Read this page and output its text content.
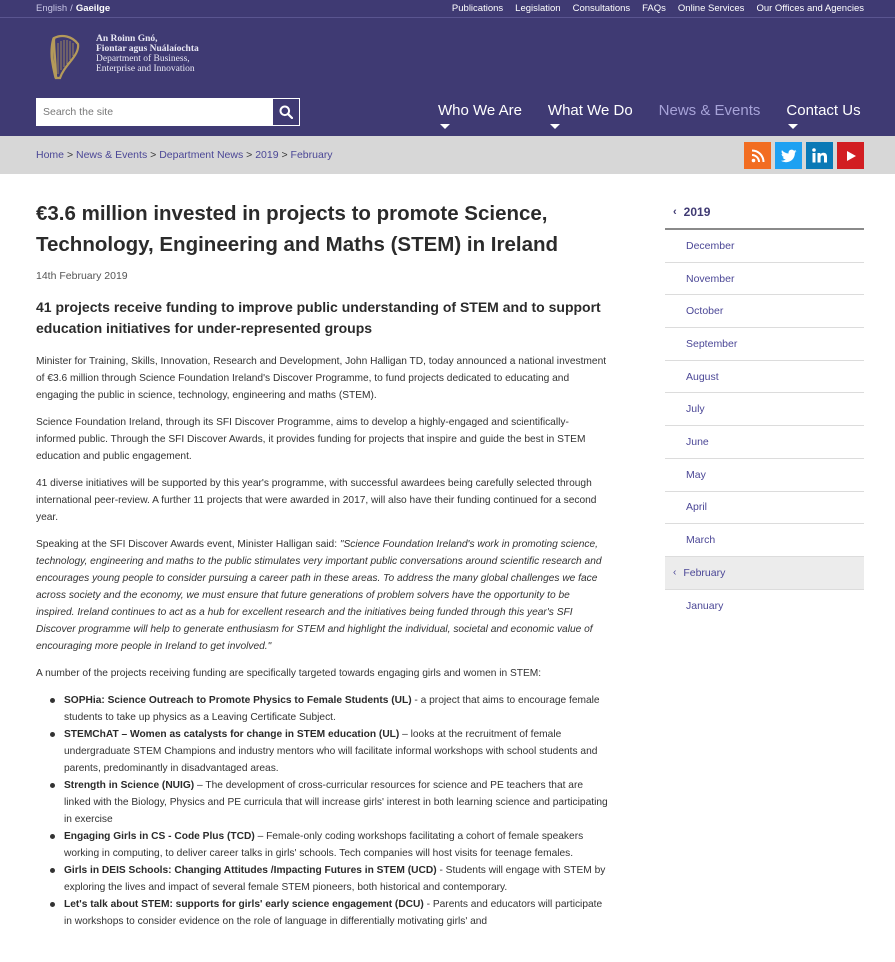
English / Gaeilge	Publications Legislation Consultations FAQs Online Services Our Offices and Agencies
An Roinn Gnó,
Fiontar agus Nuálaíochta
Department of Business,
Enterprise and Innovation
Search the site
Who We Are What We Do News & Events Contact Us
Home > News & Events > Department News > 2019 > February
€3.6 million invested in projects to promote Science, Technology, Engineering and Maths (STEM) in Ireland
14th February 2019
41 projects receive funding to improve public understanding of STEM and to support education initiatives for under-represented groups

Minister for Training, Skills, Innovation, Research and Development, John Halligan TD, today announced a national investment of €3.6 million through Science Foundation Ireland's Discover Programme, to fund projects dedicated to educating and engaging the public in science, technology, engineering and maths (STEM).

Science Foundation Ireland, through its SFI Discover Programme, aims to develop a highly-engaged and scientifically-informed public. Through the SFI Discover Awards, it provides funding for projects that inspire and guide the best in STEM education and public engagement.

41 diverse initiatives will be supported by this year's programme, with successful awardees being carefully selected through international peer-review. A further 11 projects that were awarded in 2017, will also have their funding continued for a second year.

Speaking at the SFI Discover Awards event, Minister Halligan said: "Science Foundation Ireland's work in promoting science, technology, engineering and maths to the public stimulates very important public conversations around scientific research and encourages young people to consider pursuing a career path in these areas. To address the many global challenges we face across society and the economy, we must ensure that future generations of problem solvers have the opportunity to be inspired. Ireland continues to act as a hub for excellent research and the initiatives being funded through this year's SFI Discover programme will help to generate enthusiasm for STEM and highlight the individual, societal and economic value of encouraging more people in Ireland to get involved."

A number of the projects receiving funding are specifically targeted towards engaging girls and women in STEM:

SOPHia: Science Outreach to Promote Physics to Female Students (UL) - a project that aims to encourage female students to take up physics as a Leaving Certificate Subject.
STEMChAT – Women as catalysts for change in STEM education (UL) – looks at the recruitment of female undergraduate STEM Champions and industry mentors who will facilitate informal workshops with school students and parents, predominantly in disadvantaged areas.
Strength in Science (NUIG) – The development of cross-curricular resources for science and PE teachers that are linked with the Biology, Physics and PE curricula that will increase girls' interest in both learning science and participating in exercise
Engaging Girls in CS - Code Plus (TCD) – Female-only coding workshops facilitating a cohort of female speakers working in computing, to deliver career talks in girls' schools. Tech companies will host visits for teenage females.
Girls in DEIS Schools: Changing Attitudes /Impacting Futures in STEM (UCD) - Students will engage with STEM by exploring the lives and impact of several female STEM pioneers, both historical and contemporary.
Let's talk about STEM: supports for girls' early science engagement (DCU) - Parents and educators will participate in workshops to consider evidence on the role of language in differentially motivating girls' and
‹ 2019
December
November
October
September
August
July
June
May
April
March
‹ February
January
